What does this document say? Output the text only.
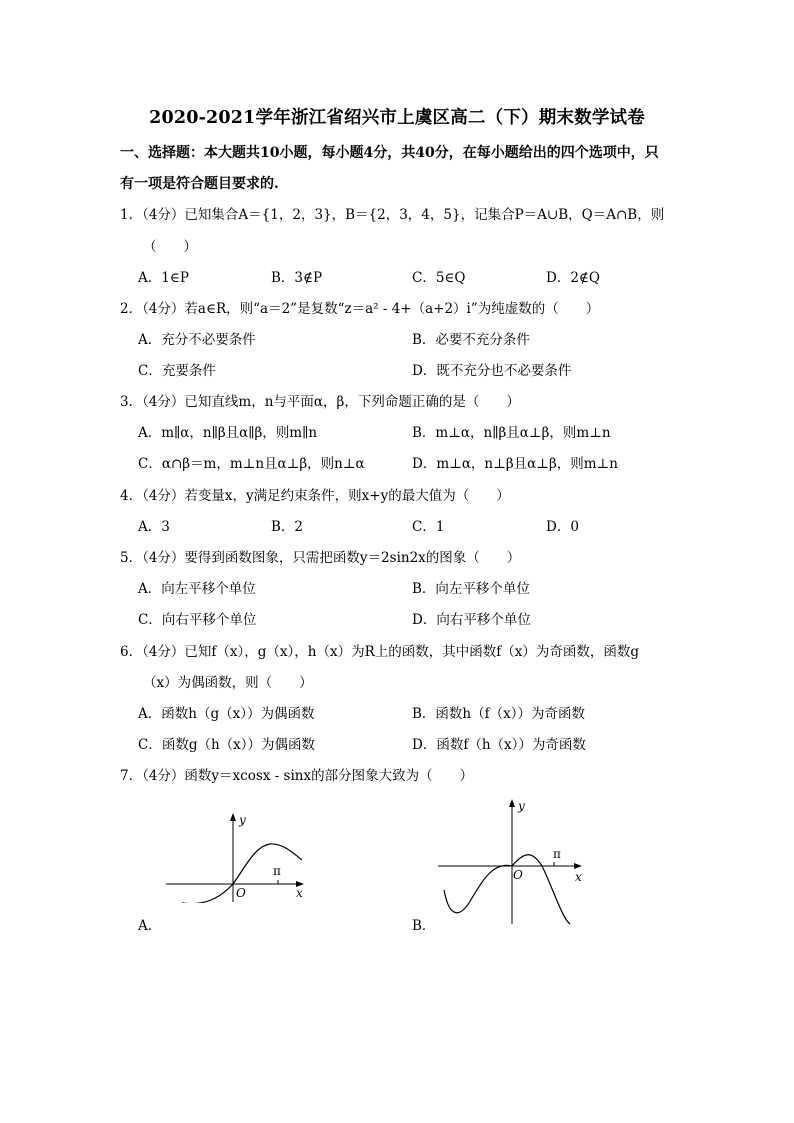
2020-2021学年浙江省绍兴市上虞区高二（下）期末数学试卷
一、选择题：本大题共10小题，每小题4分，共40分，在每小题给出的四个选项中，只
有一项是符合题目要求的.
1．（4分）已知集合A＝{1，2，3}，B＝{2，3，4，5}，记集合P＝A∪B，Q＝A∩B，则
（　　）
A．1∈P	B．3∉P	C．5∈Q	D．2∉Q
2．（4分）若a∈R，则“a＝2”是复数“z＝a² - 4+（a+2）i”为纯虚数的（　　）
A．充分不必要条件	B．必要不充分条件
C．充要条件	D．既不充分也不必要条件
3．（4分）已知直线m，n与平面α，β，下列命题正确的是（　　）
A．m∥α，n∥β且α∥β，则m∥n	B．m⊥α，n∥β且α⊥β，则m⊥n
C．α∩β＝m，m⊥n且α⊥β，则n⊥α	D．m⊥α，n⊥β且α⊥β，则m⊥n
4．（4分）若变量x，y满足约束条件，则x+y的最大值为（　　）
A．3	B．2	C．1	D．0
5．（4分）要得到函数图象，只需把函数y＝2sin2x的图象（　　）
A．向左平移个单位	B．向左平移个单位
C．向右平移个单位	D．向右平移个单位
6．（4分）已知f（x），g（x），h（x）为R上的函数，其中函数f（x）为奇函数，函数g
（x）为偶函数，则（　　）
A．函数h（g（x））为偶函数	B．函数h（f（x））为奇函数
C．函数g（h（x））为偶函数	D．函数f（h（x））为奇函数
7．（4分）函数y＝xcosx - sinx的部分图象大致为（　　）
y
x
O
π
A．
y
x
O
π
B．
